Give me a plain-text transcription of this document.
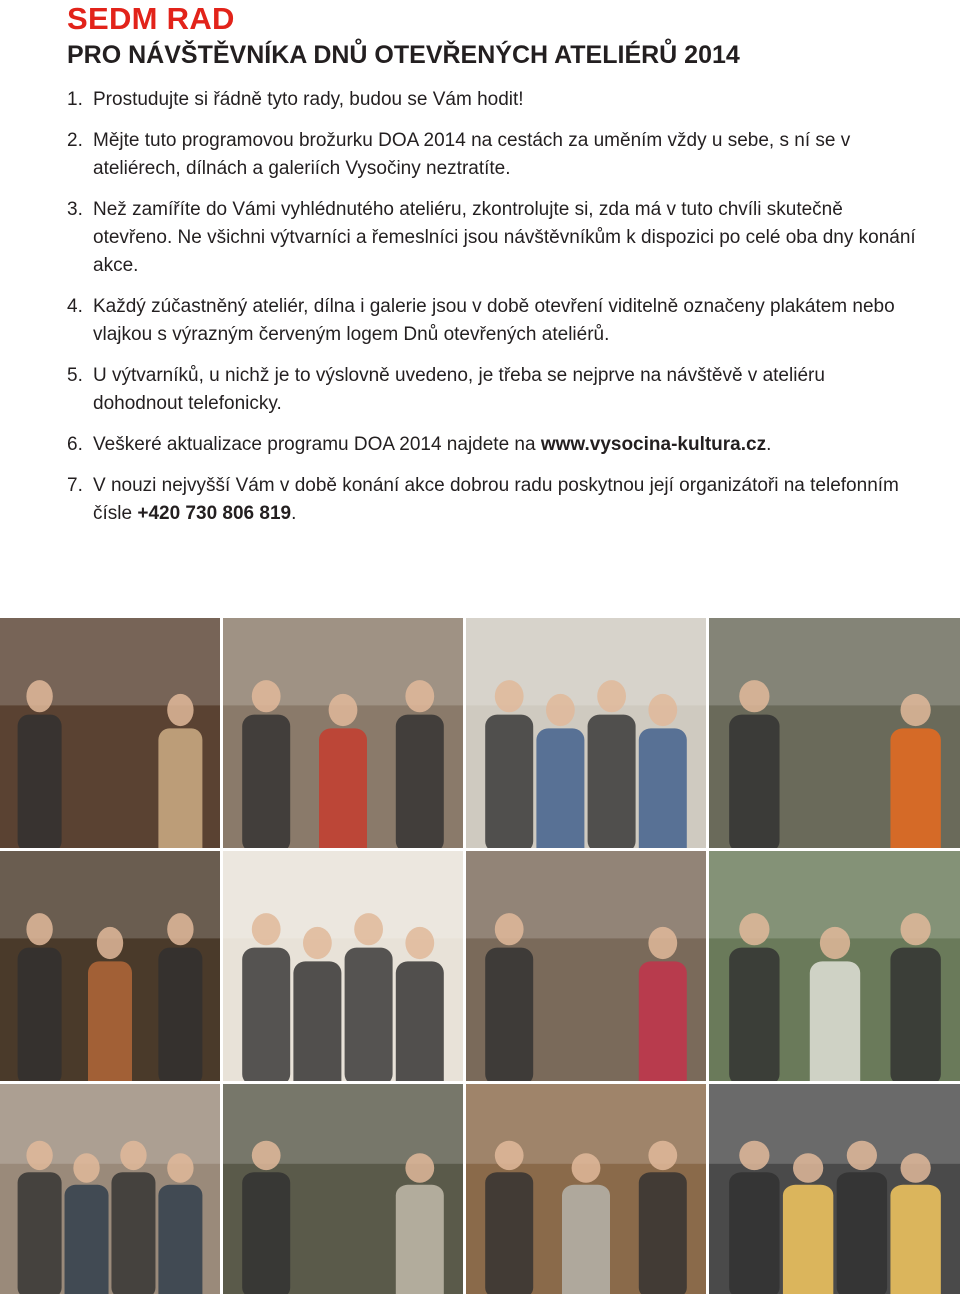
SEDM RAD
PRO NÁVŠTĚVNÍKA DNŮ OTEVŘENÝCH ATELIÉRŮ 2014
1. Prostudujte si řádně tyto rady, budou se Vám hodit!
2. Mějte tuto programovou brožurku DOA 2014 na cestách za uměním vždy u sebe, s ní se v ateliérech, dílnách a galeriích Vysočiny neztratíte.
3. Než zamíříte do Vámi vyhlédnutého ateliéru, zkontrolujte si, zda má v tuto chvíli skutečně otevřeno. Ne všichni výtvarníci a řemeslníci jsou návštěvníkům k dispozici po celé oba dny konání akce.
4. Každý zúčastněný ateliér, dílna i galerie jsou v době otevření viditelně označeny plakátem nebo vlajkou s výrazným červeným logem Dnů otevřených ateliérů.
5. U výtvarníků, u nichž je to výslovně uvedeno, je třeba se nejprve na návštěvě v ateliéru dohodnout telefonicky.
6. Veškeré aktualizace programu DOA 2014 najdete na www.vysocina-kultura.cz.
7. V nouzi nejvyšší Vám v době konání akce dobrou radu poskytnou její organizátoři na telefonním čísle +420 730 806 819.
